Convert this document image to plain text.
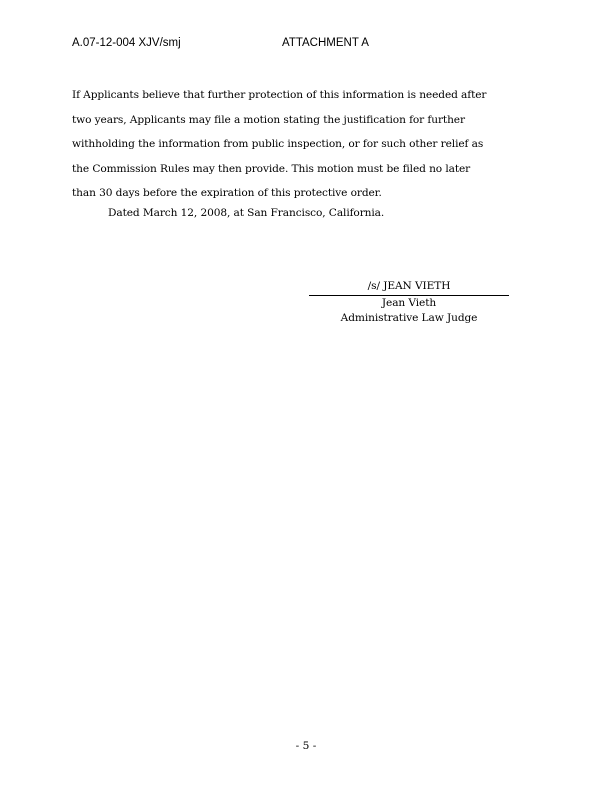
A.07-12-004 XJV/smj	ATTACHMENT A
If Applicants believe that further protection of this information is needed after
two years, Applicants may file a motion stating the justification for further
withholding the information from public inspection, or for such other relief as
the Commission Rules may then provide. This motion must be filed no later
than 30 days before the expiration of this protective order.
Dated March 12, 2008, at San Francisco, California.
/s/ JEAN VIETH
Jean Vieth
Administrative Law Judge
- 5 -
